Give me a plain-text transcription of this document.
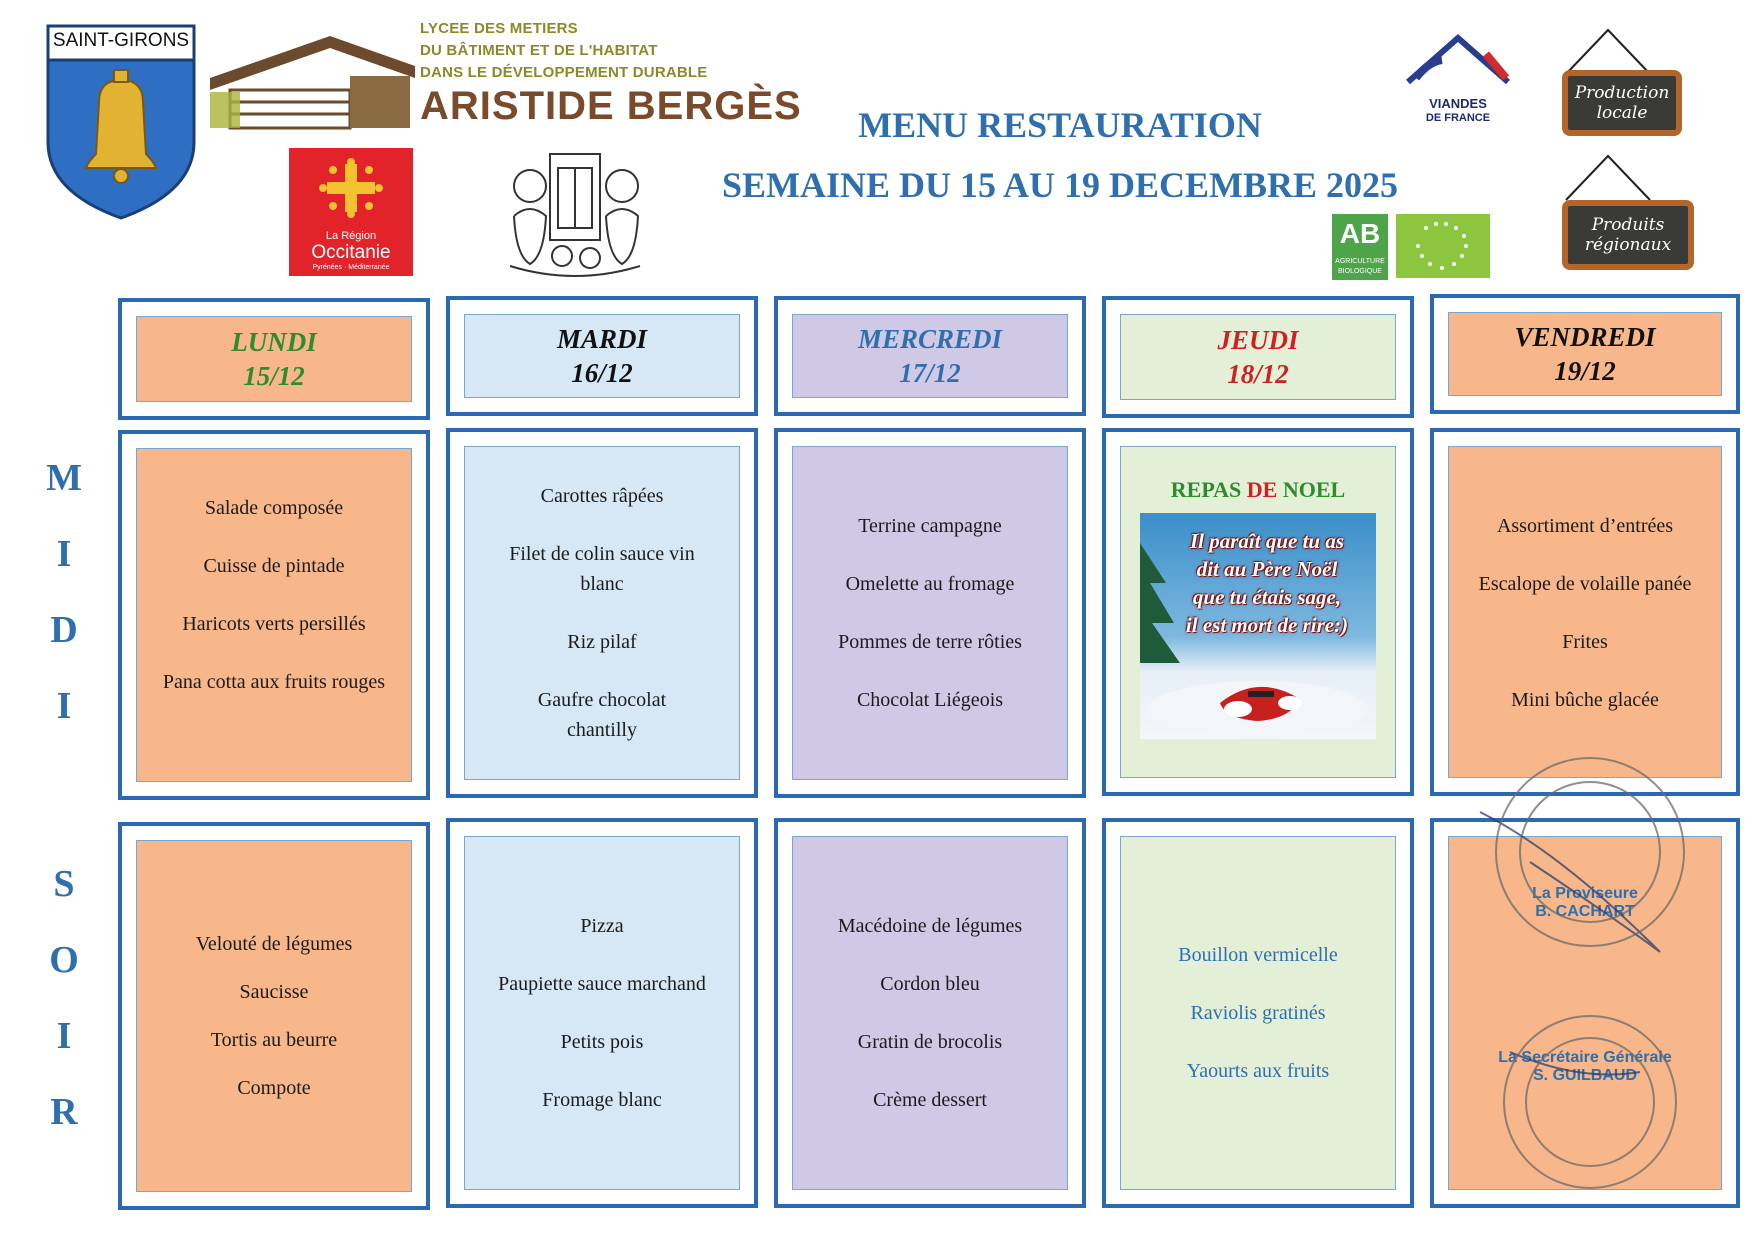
SAINT-GIRONS
LYCEE DES METIERS
DU BÂTIMENT ET DE L'HABITAT
DANS LE DÉVELOPPEMENT DURABLE
ARISTIDE BERGÈS
La Région
Occitanie
Pyrénées · Méditerranée
MENU RESTAURATION
SEMAINE DU 15 AU 19 DECEMBRE 2025
VIANDES
DE FRANCE
Production
locale
Produits
régionaux
AB
AGRICULTURE
BIOLOGIQUE
M
I
D
I
S
O
I
R
LUNDI
15/12
MARDI
16/12
MERCREDI
17/12
JEUDI
18/12
VENDREDI
19/12
Salade composée
Cuisse de pintade
Haricots verts persillés
Pana cotta aux fruits rouges
Carottes râpées
Filet de colin sauce vin blanc
Riz pilaf
Gaufre chocolat chantilly
Terrine campagne
Omelette au fromage
Pommes de terre rôties
Chocolat Liégeois
REPAS DE NOEL
Il paraît que tu as
dit au Père Noël
que tu étais sage,
il est mort de rire:)
Assortiment d’entrées
Escalope de volaille panée
Frites
Mini bûche glacée
Velouté de légumes
Saucisse
Tortis au beurre
Compote
Pizza
Paupiette sauce marchand
Petits pois
Fromage blanc
Macédoine de légumes
Cordon bleu
Gratin de brocolis
Crème dessert
Bouillon vermicelle
Raviolis gratinés
Yaourts aux fruits
La Proviseure
B. CACHART
La Secrétaire Générale
S. GUILBAUD
